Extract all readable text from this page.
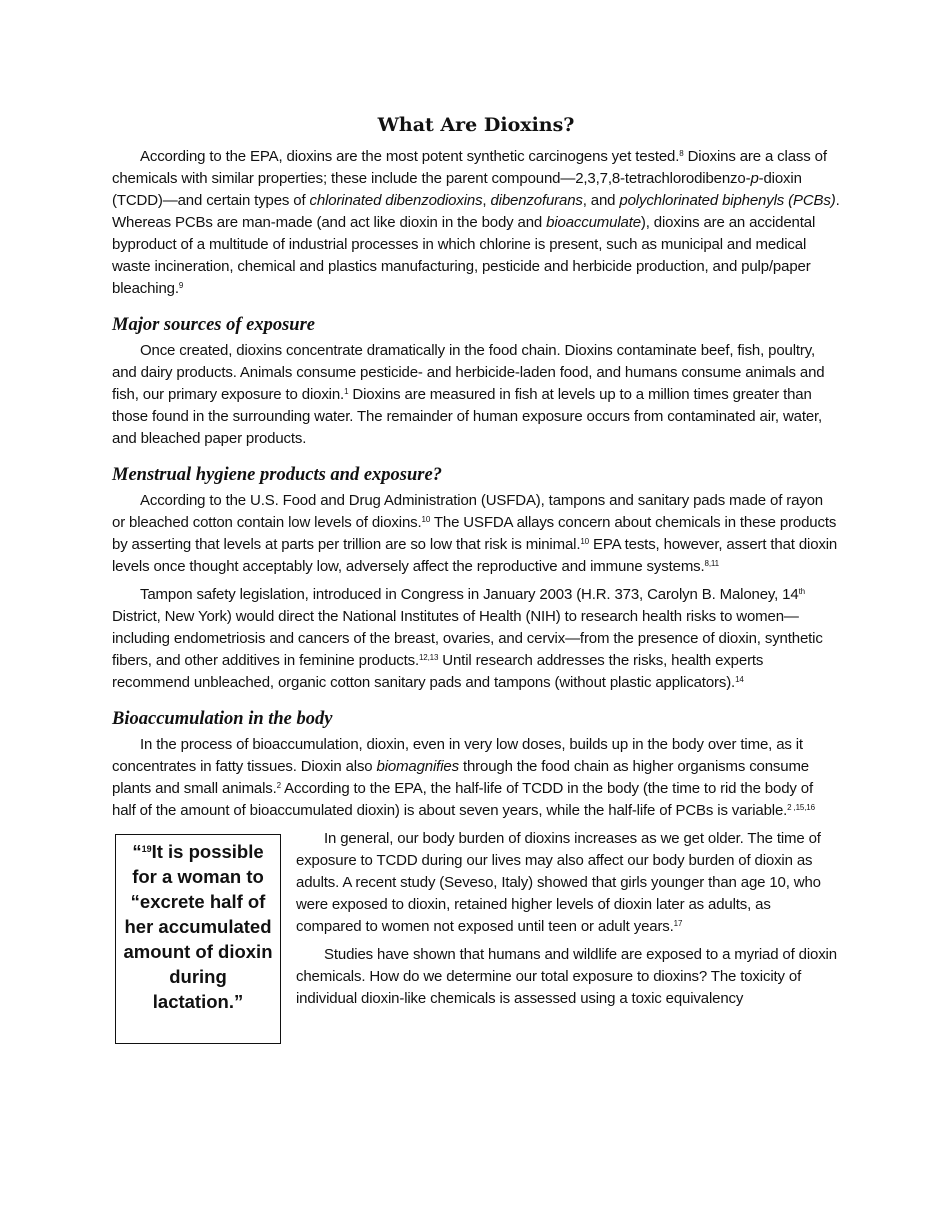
What Are Dioxins?

According to the EPA, dioxins are the most potent synthetic carcinogens yet tested.$^8$ Dioxins are a class of chemicals with similar properties; these include the parent compound—2,3,7,8-tetrachlorodibenzo-p-dioxin (TCDD)—and certain types of chlorinated dibenzodioxins, dibenzofurans, and polychlorinated biphenyls (PCBs). Whereas PCBs are man-made (and act like dioxin in the body and bioaccumulate), dioxins are an accidental byproduct of a multitude of industrial processes in which chlorine is present, such as municipal and medical waste incineration, chemical and plastics manufacturing, pesticide and herbicide production, and pulp/paper bleaching.$^9$

Major sources of exposure

Once created, dioxins concentrate dramatically in the food chain. Dioxins contaminate beef, fish, poultry, and dairy products. Animals consume pesticide- and herbicide-laden food, and humans consume animals and fish, our primary exposure to dioxin.$^1$ Dioxins are measured in fish at levels up to a million times greater than those found in the surrounding water. The remainder of human exposure occurs from contaminated air, water, and bleached paper products.

Menstrual hygiene products and exposure?

According to the U.S. Food and Drug Administration (USFDA), tampons and sanitary pads made of rayon or bleached cotton contain low levels of dioxins.$^{10}$ The USFDA allays concern about chemicals in these products by asserting that levels at parts per trillion are so low that risk is minimal.$^{10}$ EPA tests, however, assert that dioxin levels once thought acceptably low, adversely affect the reproductive and immune systems.$^{8,11}$

Tampon safety legislation, introduced in Congress in January 2003 (H.R. 373, Carolyn B. Maloney, 14th District, New York) would direct the National Institutes of Health (NIH) to research health risks to women—including endometriosis and cancers of the breast, ovaries, and cervix—from the presence of dioxin, synthetic fibers, and other additives in feminine products.$^{12,13}$ Until research addresses the risks, health experts recommend unbleached, organic cotton sanitary pads and tampons (without plastic applicators).$^{14}$

Bioaccumulation in the body

In the process of bioaccumulation, dioxin, even in very low doses, builds up in the body over time, as it concentrates in fatty tissues. Dioxin also biomagnifies through the food chain as higher organisms consume plants and small animals.$^2$ According to the EPA, the half-life of TCDD in the body (the time to rid the body of half of the amount of bioaccumulated dioxin) is about seven years, while the half-life of PCBs is variable.$^{2 ,15,16}$

“$^{19}$It is possible for a woman to “excrete half of her accumulated amount of dioxin during lactation.”

In general, our body burden of dioxins increases as we get older. The time of exposure to TCDD during our lives may also affect our body burden of dioxin as adults. A recent study (Seveso, Italy) showed that girls younger than age 10, who were exposed to dioxin, retained higher levels of dioxin later as adults, as compared to women not exposed until teen or adult years.$^{17}$

Studies have shown that humans and wildlife are exposed to a myriad of dioxin chemicals. How do we determine our total exposure to dioxins? The toxicity of individual dioxin-like chemicals is assessed using a toxic equivalency
